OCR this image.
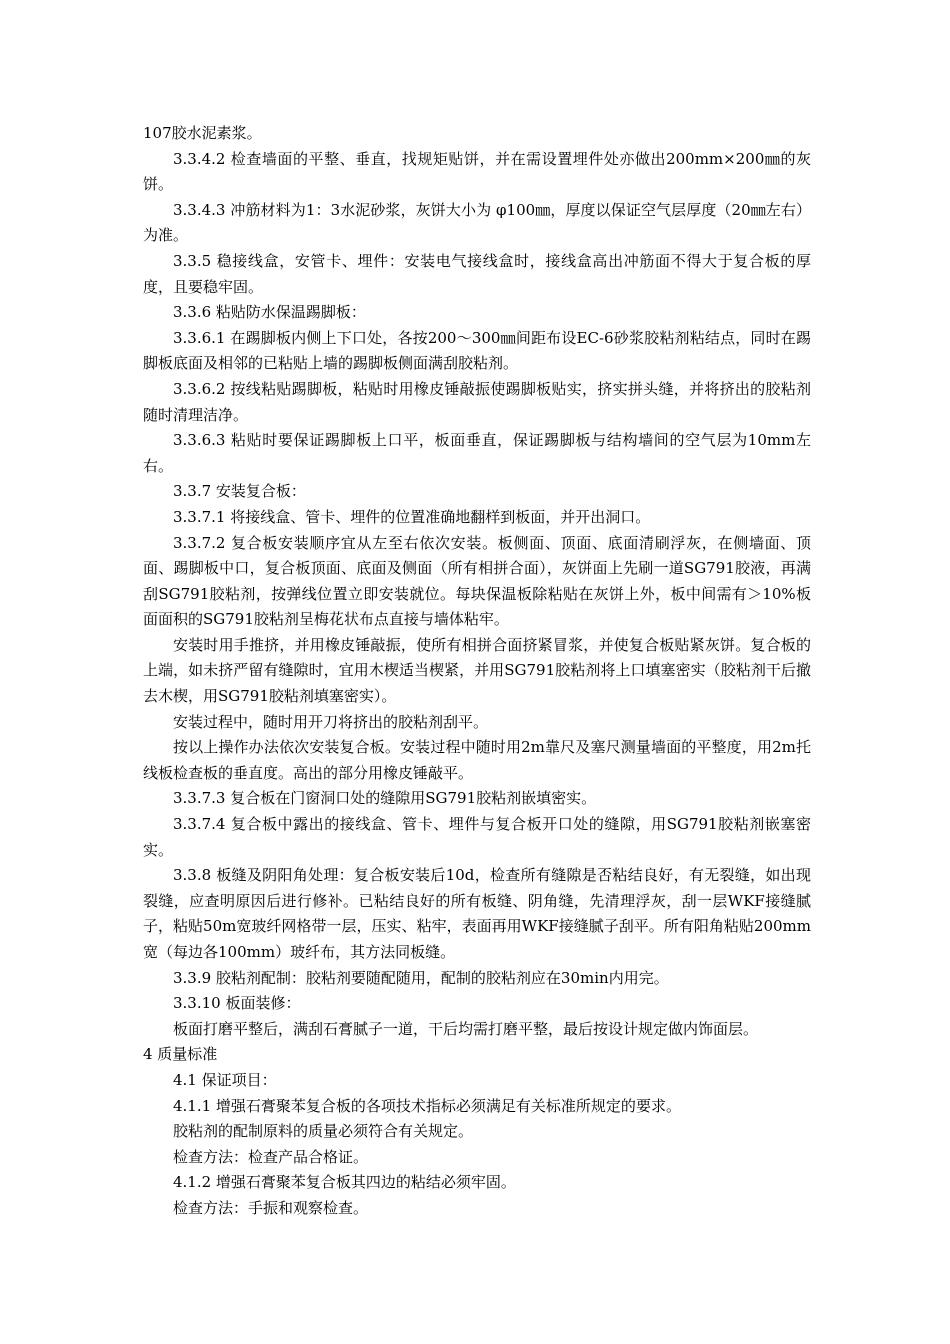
107胶水泥素浆。

3.3.4.2 检查墙面的平整、垂直，找规矩贴饼，并在需设置埋件处亦做出200mm×200㎜的灰饼。

3.3.4.3 冲筋材料为1：3水泥砂浆，灰饼大小为 φ100㎜，厚度以保证空气层厚度（20㎜左右）为准。

3.3.5 稳接线盒，安管卡、埋件：安装电气接线盒时，接线盒高出冲筋面不得大于复合板的厚度，且要稳牢固。

3.3.6 粘贴防水保温踢脚板：

3.3.6.1 在踢脚板内侧上下口处，各按200～300㎜间距布设EC-6砂浆胶粘剂粘结点，同时在踢脚板底面及相邻的已粘贴上墙的踢脚板侧面满刮胶粘剂。

3.3.6.2 按线粘贴踢脚板，粘贴时用橡皮锤敲振使踢脚板贴实，挤实拼头缝，并将挤出的胶粘剂随时清理洁净。

3.3.6.3 粘贴时要保证踢脚板上口平，板面垂直，保证踢脚板与结构墙间的空气层为10mm左右。

3.3.7 安装复合板：

3.3.7.1 将接线盒、管卡、埋件的位置准确地翻样到板面，并开出洞口。

3.3.7.2 复合板安装顺序宜从左至右依次安装。板侧面、顶面、底面清刷浮灰，在侧墙面、顶面、踢脚板中口，复合板顶面、底面及侧面（所有相拼合面），灰饼面上先刷一道SG791胶液，再满刮SG791胶粘剂，按弹线位置立即安装就位。每块保温板除粘贴在灰饼上外，板中间需有＞10%板面面积的SG791胶粘剂呈梅花状布点直接与墙体粘牢。

安装时用手推挤，并用橡皮锤敲振，使所有相拼合面挤紧冒浆，并使复合板贴紧灰饼。复合板的上端，如未挤严留有缝隙时，宜用木楔适当楔紧，并用SG791胶粘剂将上口填塞密实（胶粘剂干后撤去木楔，用SG791胶粘剂填塞密实）。

安装过程中，随时用开刀将挤出的胶粘剂刮平。

按以上操作办法依次安装复合板。安装过程中随时用2m靠尺及塞尺测量墙面的平整度，用2m托线板检查板的垂直度。高出的部分用橡皮锤敲平。

3.3.7.3 复合板在门窗洞口处的缝隙用SG791胶粘剂嵌填密实。

3.3.7.4 复合板中露出的接线盒、管卡、埋件与复合板开口处的缝隙，用SG791胶粘剂嵌塞密实。

3.3.8 板缝及阴阳角处理：复合板安装后10d，检查所有缝隙是否粘结良好，有无裂缝，如出现裂缝，应查明原因后进行修补。已粘结良好的所有板缝、阴角缝，先清理浮灰，刮一层WKF接缝腻子，粘贴50m宽玻纤网格带一层，压实、粘牢，表面再用WKF接缝腻子刮平。所有阳角粘贴200mm宽（每边各100mm）玻纤布，其方法同板缝。

3.3.9 胶粘剂配制：胶粘剂要随配随用，配制的胶粘剂应在30min内用完。

3.3.10 板面装修：

板面打磨平整后，满刮石膏腻子一道，干后均需打磨平整，最后按设计规定做内饰面层。

4 质量标准

4.1 保证项目：

4.1.1 增强石膏聚苯复合板的各项技术指标必须满足有关标准所规定的要求。

胶粘剂的配制原料的质量必须符合有关规定。

检查方法：检查产品合格证。

4.1.2 增强石膏聚苯复合板其四边的粘结必须牢固。

检查方法：手振和观察检查。
